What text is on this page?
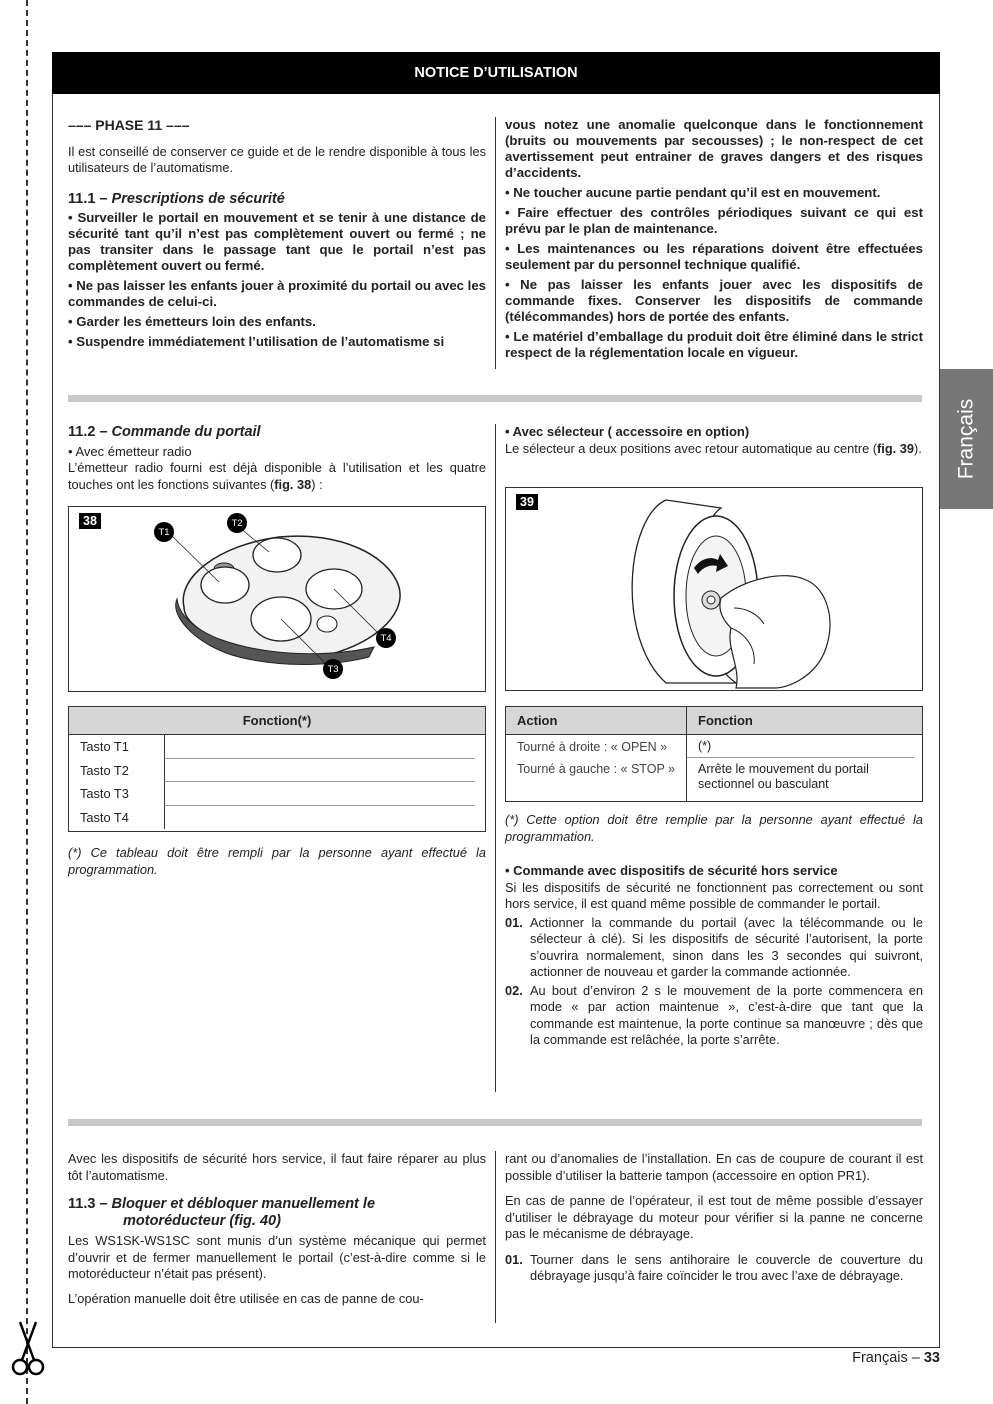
NOTICE D’UTILISATION
Français
––– PHASE 11 –––
Il est conseillé de conserver ce guide et de le rendre disponible à tous les utilisateurs de l’automatisme.
11.1 – Prescriptions de sécurité
• Surveiller le portail en mouvement et se tenir à une distance de sécurité tant qu’il n’est pas complètement ouvert ou fermé ; ne pas transiter dans le passage tant que le portail n’est pas complètement ouvert ou fermé.
• Ne pas laisser les enfants jouer à proximité du portail ou avec les commandes de celui-ci.
• Garder les émetteurs loin des enfants.
• Suspendre immédiatement l’utilisation de l’automatisme si
vous notez une anomalie quelconque dans le fonctionnement (bruits ou mouvements par secousses) ; le non-respect de cet avertissement peut entrainer de graves dangers et des risques d’accidents.
• Ne toucher aucune partie pendant qu’il est en mouvement.
• Faire effectuer des contrôles périodiques suivant ce qui est prévu par le plan de maintenance.
• Les maintenances ou les réparations doivent être effectuées seulement par du personnel technique qualifié.
• Ne pas laisser les enfants jouer avec les dispositifs de commande fixes. Conserver les dispositifs de commande (télécommandes) hors de portée des enfants.
• Le matériel d’emballage du produit doit être éliminé dans le strict respect de la réglementation locale en vigueur.
11.2 – Commande du portail
• Avec émetteur radio
L’émetteur radio fourni est déjà disponible à l’utilisation et les quatre touches ont les fonctions suivantes (fig. 38) :
38
T1
T2
T3
T4
Fonction(*)
Tasto T1
Tasto T2
Tasto T3
Tasto T4
(*) Ce tableau doit être rempli par la personne ayant effectué la programmation.
• Avec sélecteur ( accessoire en option)
Le sélecteur a deux positions avec retour automatique au centre (fig. 39).
39
Action	Fonction
Tourné à droite : « OPEN »	(*)
Tourné à gauche : « STOP »	Arrête le mouvement du portail sectionnel ou basculant
(*) Cette option doit être remplie par la personne ayant effectué la programmation.
• Commande avec dispositifs de sécurité hors service
Si les dispositifs de sécurité ne fonctionnent pas correctement ou sont hors service, il est quand même possible de commander le portail.
01. Actionner la commande du portail (avec la télécommande ou le sélecteur à clé). Si les dispositifs de sécurité l’autorisent, la porte s’ouvrira normalement, sinon dans les 3 secondes qui suivront, actionner de nouveau et garder la commande actionnée.
02. Au bout d’environ 2 s le mouvement de la porte commencera en mode « par action maintenue », c’est-à-dire que tant que la commande est maintenue, la porte continue sa manœuvre ; dès que la commande est relâchée, la porte s’arrête.
Avec les dispositifs de sécurité hors service, il faut faire réparer au plus tôt l’automatisme.
11.3 – Bloquer et débloquer manuellement le
motoréducteur (fig. 40)
Les WS1SK-WS1SC sont munis d’un système mécanique qui permet d’ouvrir et de fermer manuellement le portail (c’est-à-dire comme si le motoréducteur n’était pas présent).
L’opération manuelle doit être utilisée en cas de panne de cou-
rant ou d’anomalies de l’installation. En cas de coupure de courant il est possible d’utiliser la batterie tampon (accessoire en option PR1).
En cas de panne de l’opérateur, il est tout de même possible d’essayer d’utiliser le débrayage du moteur pour vérifier si la panne ne concerne pas le mécanisme de débrayage.
01. Tourner dans le sens antihoraire le couvercle de couverture du débrayage jusqu’à faire coïncider le trou avec l’axe de débrayage.
Français – 33
